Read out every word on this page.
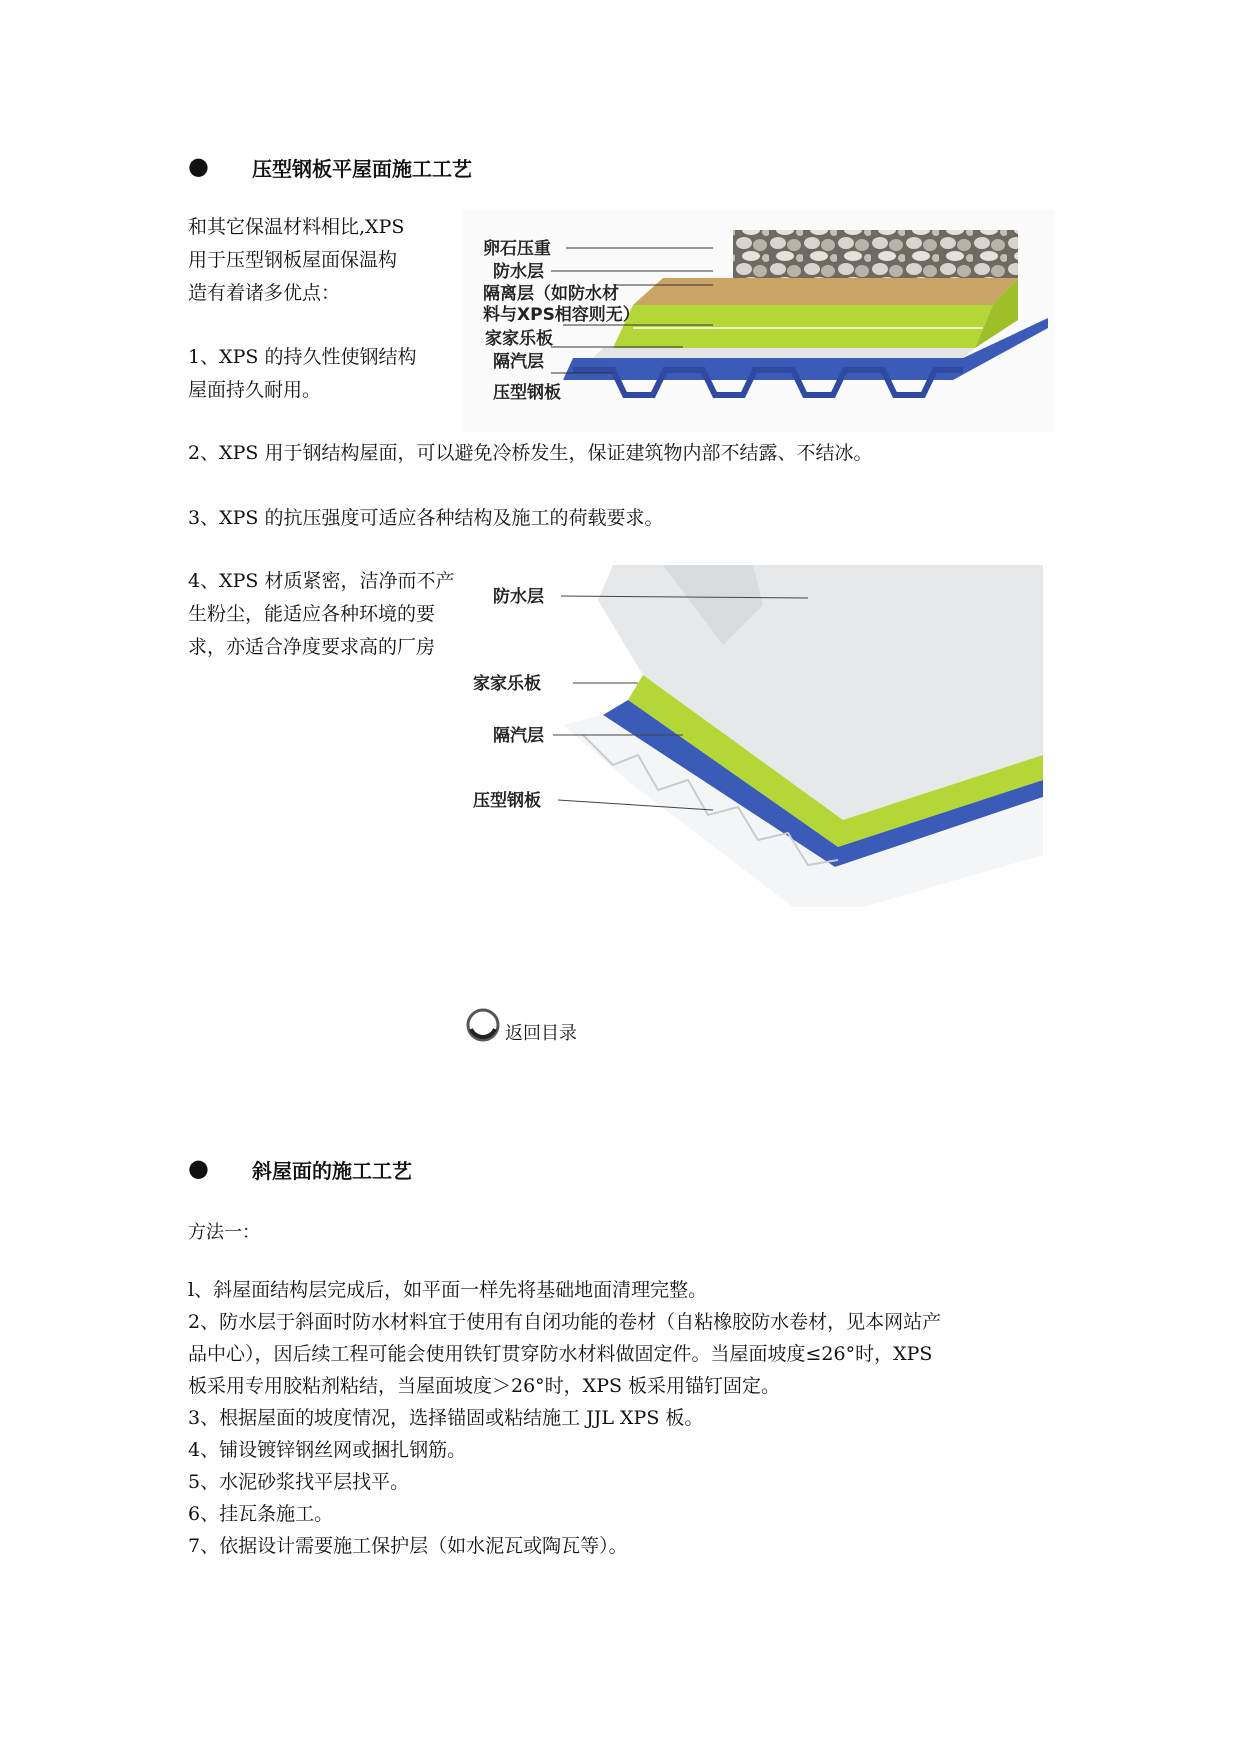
● 压型钢板平屋面施工工艺

和其它保温材料相比,XPS

用于压型钢板屋面保温构

造有着诸多优点：

1、XPS 的持久性使钢结构

屋面持久耐用。

卵石压重
防水层
隔离层（如防水材
料与XPS相容则无）
家家乐板
隔汽层
压型钢板
2、XPS 用于钢结构屋面，可以避免冷桥发生，保证建筑物内部不结露、不结冰。
3、XPS 的抗压强度可适应各种结构及施工的荷载要求。

4、XPS 材质紧密，洁净而不产

生粉尘，能适应各种环境的要

求，亦适合净度要求高的厂房

防水层
家家乐板
隔汽层
压型钢板
返回目录
● 斜屋面的施工工艺
方法一：

l、斜屋面结构层完成后，如平面一样先将基础地面清理完整。

2、防水层于斜面时防水材料宜于使用有自闭功能的卷材（自粘橡胶防水卷材，见本网站产

品中心），因后续工程可能会使用铁钉贯穿防水材料做固定件。当屋面坡度≤26°时，XPS

板采用专用胶粘剂粘结，当屋面坡度＞26°时，XPS 板采用锚钉固定。

3、根据屋面的坡度情况，选择锚固或粘结施工 JJL XPS 板。

4、铺设镀锌钢丝网或捆扎钢筋。

5、水泥砂浆找平层找平。

6、挂瓦条施工。

7、依据设计需要施工保护层（如水泥瓦或陶瓦等）。
